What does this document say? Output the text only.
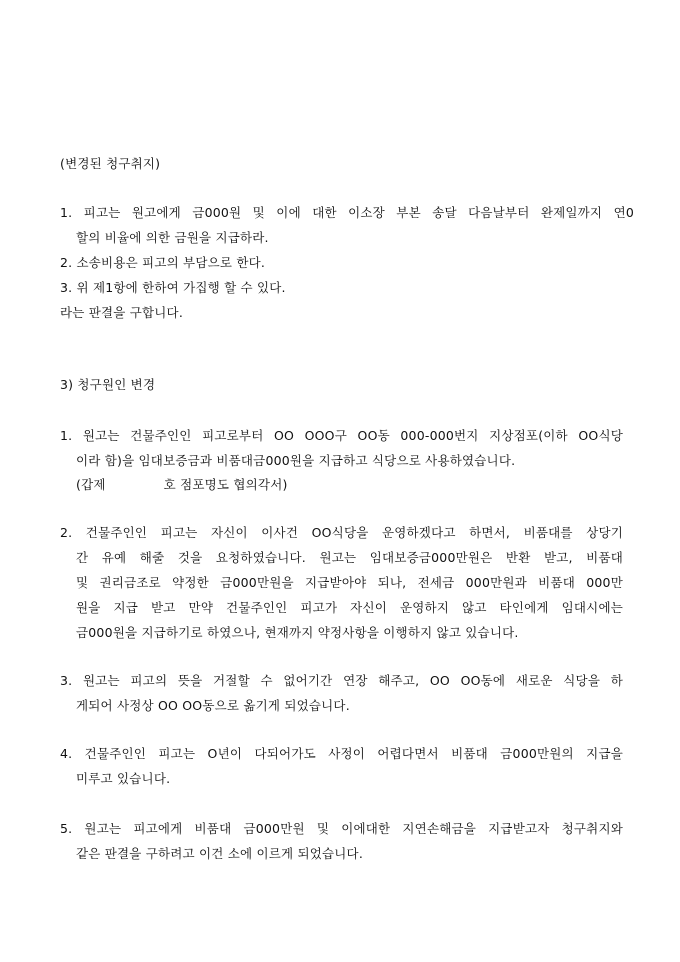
(변경된 청구취지)
1. 피고는 원고에게 금000원 및 이에 대한 이소장 부본 송달 다음날부터 완제일까지 연0
할의 비율에 의한 금원을 지급하라.
2. 소송비용은 피고의 부담으로 한다.
3. 위 제1항에 한하여 가집행 할 수 있다.
라는 판결을 구합니다.
3) 청구원인 변경
1. 원고는 건물주인인 피고로부터 OO OOO구 OO동 000-000번지 지상점포(이하 OO식당
이라 함)을 임대보증금과 비품대금000원을 지급하고 식당으로 사용하였습니다.
(갑제	호 점포명도 협의각서)
2. 건물주인인 피고는 자신이 이사건 OO식당을 운영하겠다고 하면서, 비품대를 상당기
간 유예 해줄 것을 요청하였습니다. 원고는 임대보증금000만원은 반환 받고, 비품대
및 권리금조로 약정한 금000만원을 지급받아야 되나, 전세금 000만원과 비품대 000만
원을 지급 받고 만약 건물주인인 피고가 자신이 운영하지 않고 타인에게 임대시에는
금000원을 지급하기로 하였으나, 현재까지 약정사항을 이행하지 않고 있습니다.
3. 원고는 피고의 뜻을 거절할 수 없어기간 연장 해주고, OO OO동에 새로운 식당을 하
게되어 사정상 OO OO동으로 옮기게 되었습니다.
4. 건물주인인 피고는 O년이 다되어가도 사정이 어렵다면서 비품대 금000만원의 지급을
미루고 있습니다.
5. 원고는 피고에게 비품대 금000만원 및 이에대한 지연손해금을 지급받고자 청구취지와
같은 판결을 구하려고 이건 소에 이르게 되었습니다.
